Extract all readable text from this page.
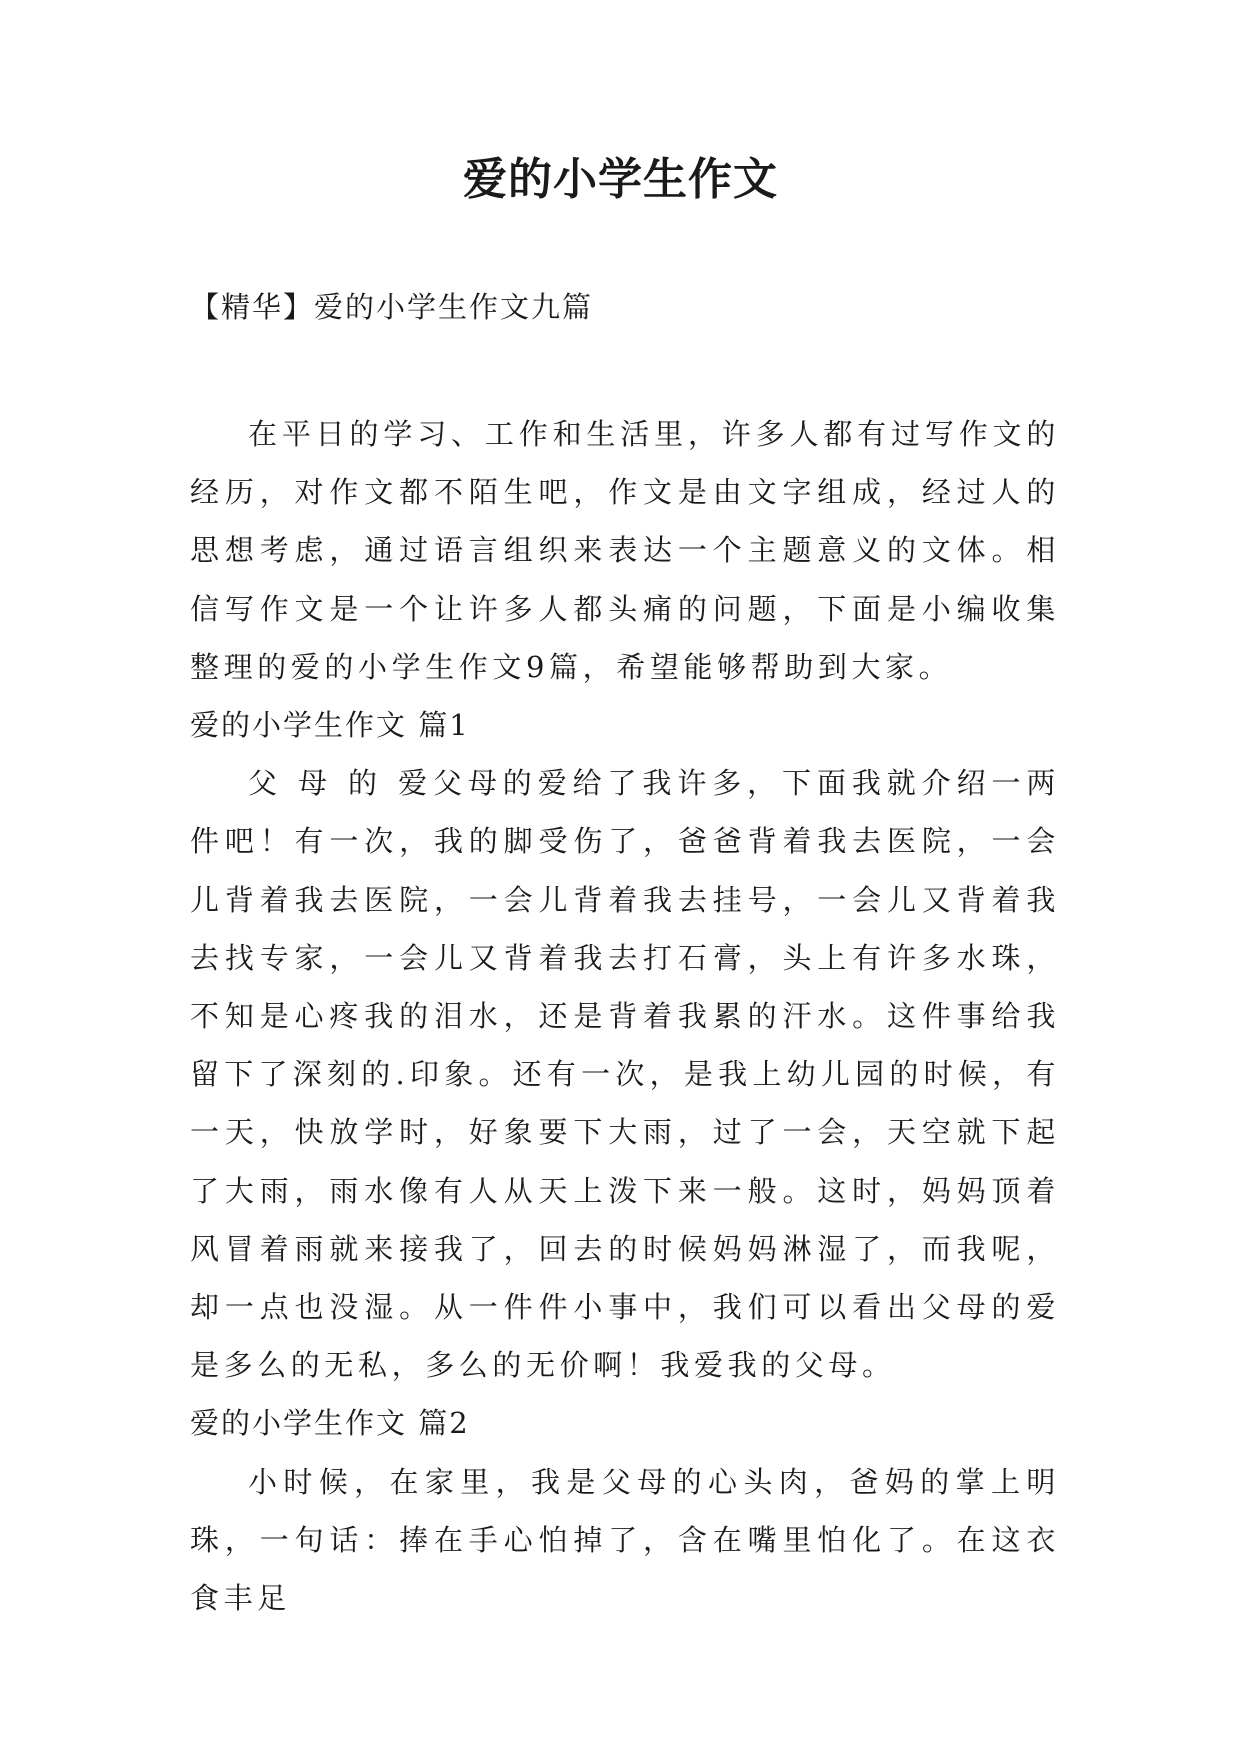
爱的小学生作文
【精华】爱的小学生作文九篇

在平日的学习、工作和生活里，许多人都有过写作文的经历，对作文都不陌生吧，作文是由文字组成，经过人的思想考虑，通过语言组织来表达一个主题意义的文体。相信写作文是一个让许多人都头痛的问题，下面是小编收集整理的爱的小学生作文9篇，希望能够帮助到大家。

爱的小学生作文 篇1

父 母 的 爱父母的爱给了我许多，下面我就介绍一两件吧！有一次，我的脚受伤了，爸爸背着我去医院，一会儿背着我去医院，一会儿背着我去挂号，一会儿又背着我去找专家，一会儿又背着我去打石膏，头上有许多水珠，不知是心疼我的泪水，还是背着我累的汗水。这件事给我留下了深刻的.印象。还有一次，是我上幼儿园的时候，有一天，快放学时，好象要下大雨，过了一会，天空就下起了大雨，雨水像有人从天上泼下来一般。这时，妈妈顶着风冒着雨就来接我了，回去的时候妈妈淋湿了，而我呢，却一点也没湿。从一件件小事中，我们可以看出父母的爱是多么的无私，多么的无价啊！我爱我的父母。

爱的小学生作文 篇2

小时候，在家里，我是父母的心头肉，爸妈的掌上明珠，一句话：捧在手心怕掉了，含在嘴里怕化了。在这衣食丰足
